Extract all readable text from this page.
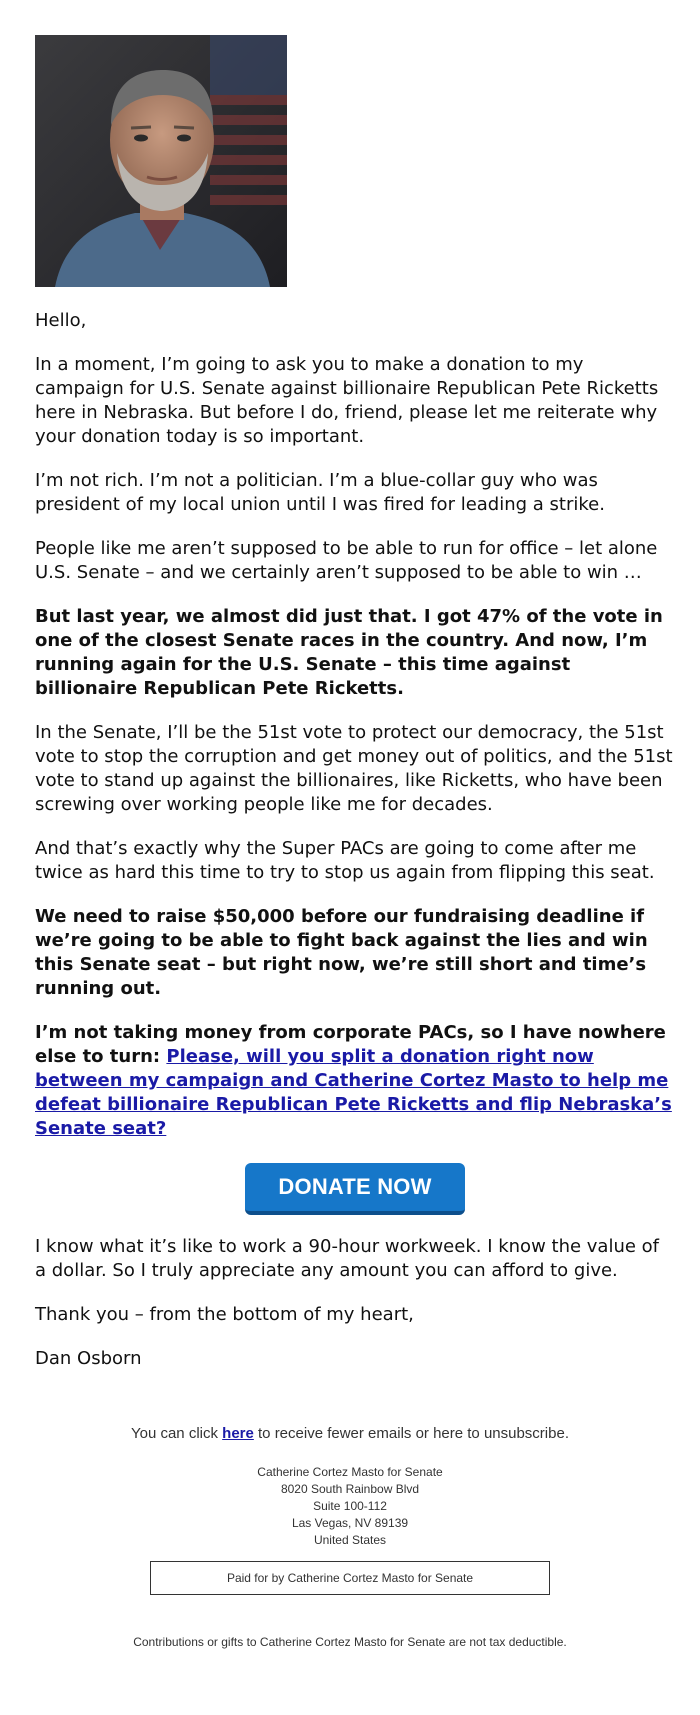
Hello,

In a moment, I’m going to ask you to make a donation to my campaign for U.S. Senate against billionaire Republican Pete Ricketts here in Nebraska. But before I do, friend, please let me reiterate why your donation today is so important.

I’m not rich. I’m not a politician. I’m a blue-collar guy who was president of my local union until I was fired for leading a strike.

People like me aren’t supposed to be able to run for office – let alone U.S. Senate – and we certainly aren’t supposed to be able to win …

But last year, we almost did just that. I got 47% of the vote in one of the closest Senate races in the country. And now, I’m running again for the U.S. Senate – this time against billionaire Republican Pete Ricketts.

In the Senate, I’ll be the 51st vote to protect our democracy, the 51st vote to stop the corruption and get money out of politics, and the 51st vote to stand up against the billionaires, like Ricketts, who have been screwing over working people like me for decades.

And that’s exactly why the Super PACs are going to come after me twice as hard this time to try to stop us again from flipping this seat.

We need to raise $50,000 before our fundraising deadline if we’re going to be able to fight back against the lies and win this Senate seat – but right now, we’re still short and time’s running out.

I’m not taking money from corporate PACs, so I have nowhere else to turn: Please, will you split a donation right now between my campaign and Catherine Cortez Masto to help me defeat billionaire Republican Pete Ricketts and flip Nebraska’s Senate seat?

DONATE NOW

I know what it’s like to work a 90-hour workweek. I know the value of a dollar. So I truly appreciate any amount you can afford to give.

Thank you – from the bottom of my heart,

Dan Osborn

You can click here to receive fewer emails or here to unsubscribe.

Catherine Cortez Masto for Senate
8020 South Rainbow Blvd
Suite 100-112
Las Vegas, NV 89139
United States
Paid for by Catherine Cortez Masto for Senate
Contributions or gifts to Catherine Cortez Masto for Senate are not tax deductible.
